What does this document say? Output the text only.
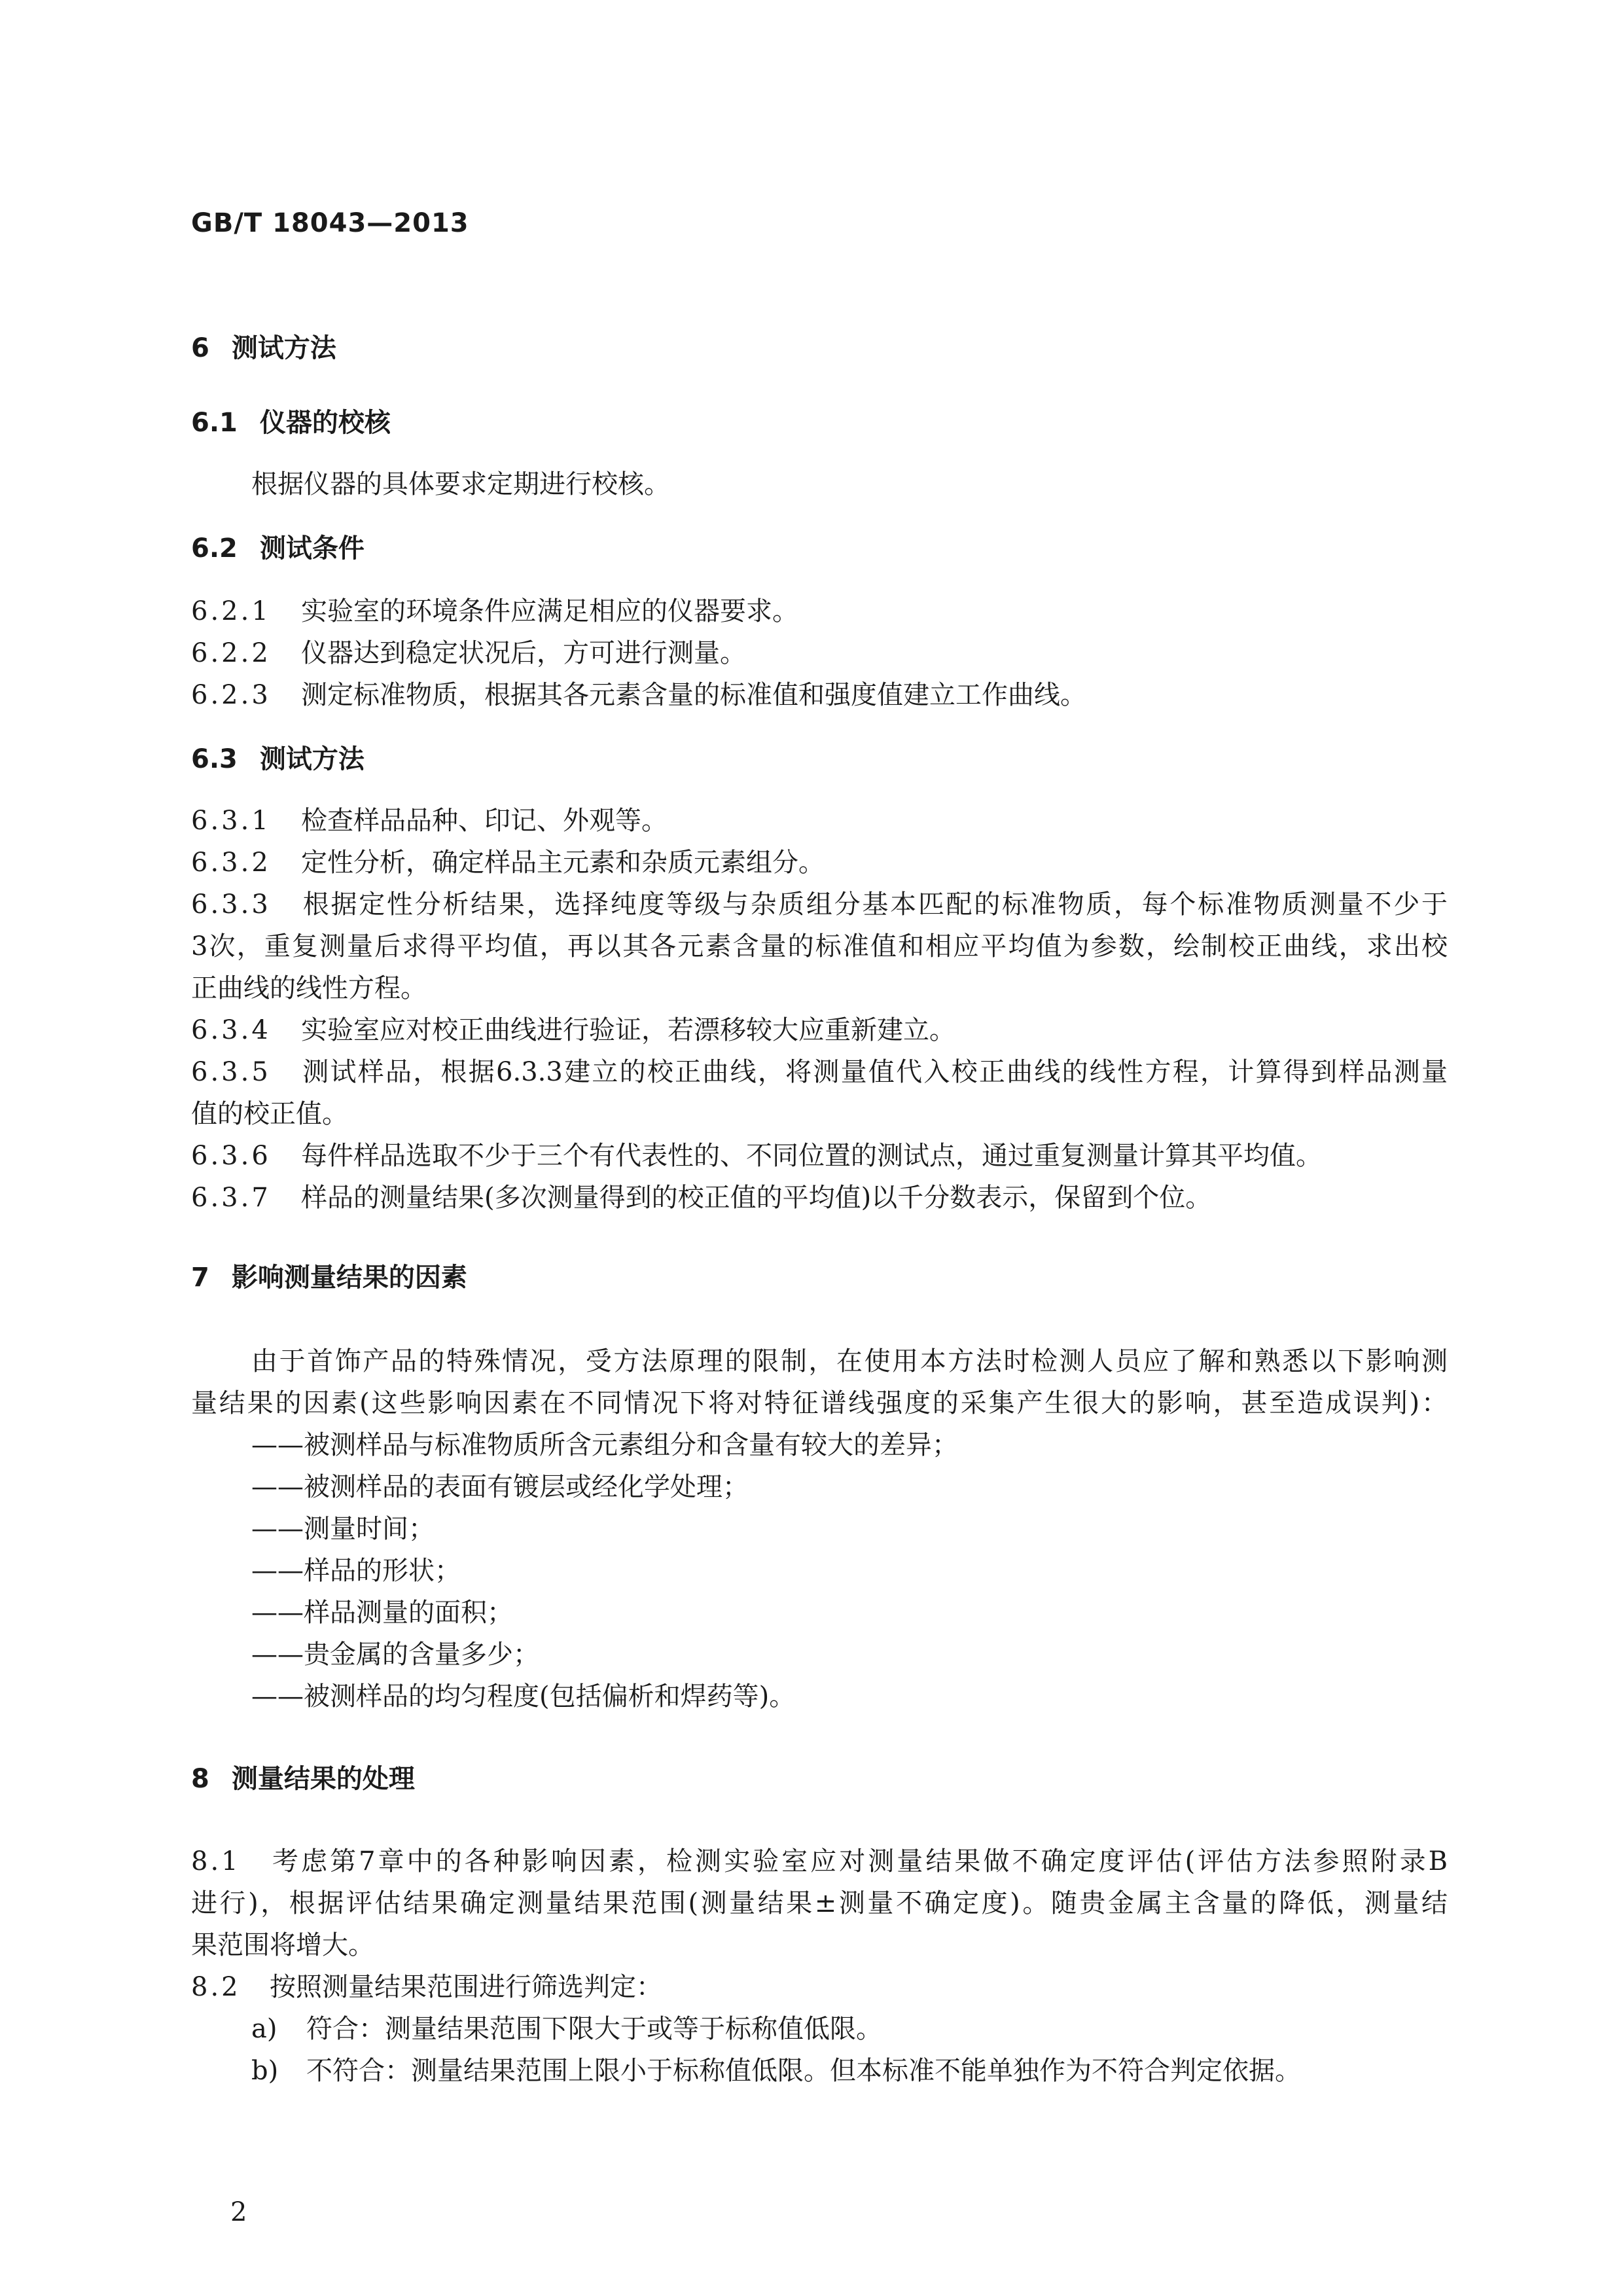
GB/T 18043—2013
6 测试方法
6.1 仪器的校核
根据仪器的具体要求定期进行校核。
6.2 测试条件
6.2.1 实验室的环境条件应满足相应的仪器要求。
6.2.2 仪器达到稳定状况后，方可进行测量。
6.2.3 测定标准物质，根据其各元素含量的标准值和强度值建立工作曲线。
6.3 测试方法
6.3.1 检查样品品种、印记、外观等。
6.3.2 定性分析，确定样品主元素和杂质元素组分。
6.3.3 根据定性分析结果，选择纯度等级与杂质组分基本匹配的标准物质，每个标准物质测量不少于
3次，重复测量后求得平均值，再以其各元素含量的标准值和相应平均值为参数，绘制校正曲线，求出校
正曲线的线性方程。
6.3.4 实验室应对校正曲线进行验证，若漂移较大应重新建立。
6.3.5 测试样品，根据6.3.3建立的校正曲线，将测量值代入校正曲线的线性方程，计算得到样品测量
值的校正值。
6.3.6 每件样品选取不少于三个有代表性的、不同位置的测试点，通过重复测量计算其平均值。
6.3.7 样品的测量结果(多次测量得到的校正值的平均值)以千分数表示，保留到个位。
7 影响测量结果的因素
由于首饰产品的特殊情况，受方法原理的限制，在使用本方法时检测人员应了解和熟悉以下影响测
量结果的因素(这些影响因素在不同情况下将对特征谱线强度的采集产生很大的影响，甚至造成误判)：
——被测样品与标准物质所含元素组分和含量有较大的差异；
——被测样品的表面有镀层或经化学处理；
——测量时间；
——样品的形状；
——样品测量的面积；
——贵金属的含量多少；
——被测样品的均匀程度(包括偏析和焊药等)。
8 测量结果的处理
8.1 考虑第7章中的各种影响因素，检测实验室应对测量结果做不确定度评估(评估方法参照附录B
进行)，根据评估结果确定测量结果范围(测量结果±测量不确定度)。随贵金属主含量的降低，测量结
果范围将增大。
8.2 按照测量结果范围进行筛选判定：
a) 符合：测量结果范围下限大于或等于标称值低限。
b) 不符合：测量结果范围上限小于标称值低限。但本标准不能单独作为不符合判定依据。
2
